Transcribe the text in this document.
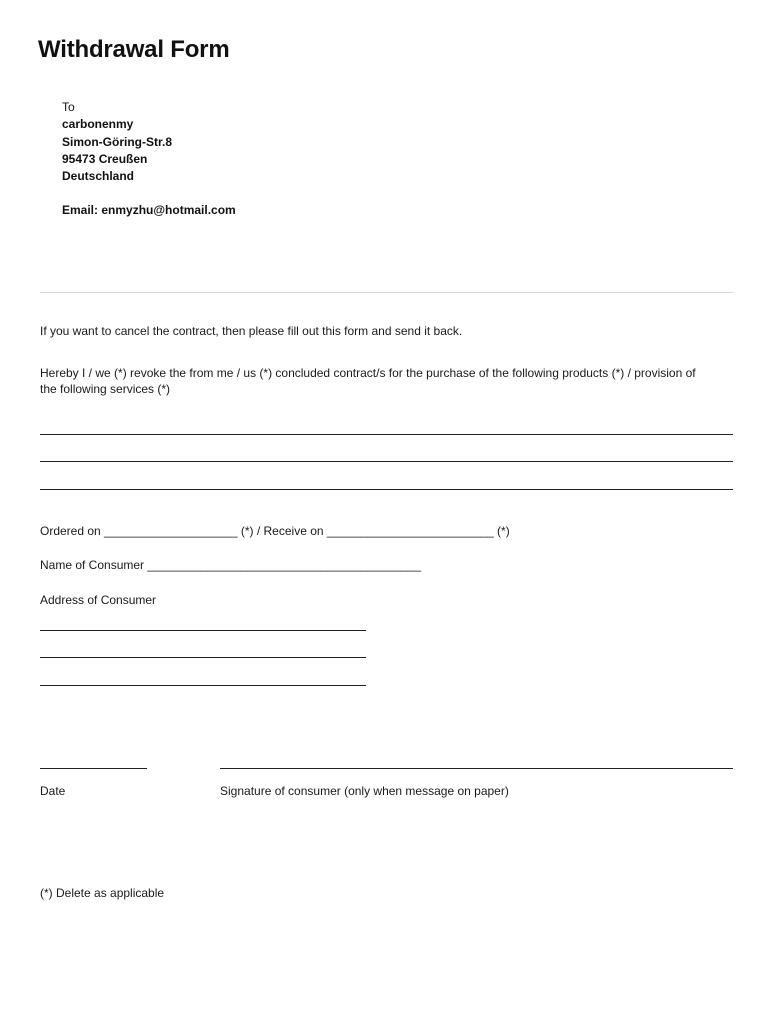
Withdrawal Form
To
carbonenmy
Simon-Göring-Str.8
95473 Creußen
Deutschland
Email: enmyzhu@hotmail.com
If you want to cancel the contract, then please fill out this form and send it back.
Hereby I / we (*) revoke the from me / us (*) concluded contract/s for the purchase of the following products (*) / provision of the following services (*)
Ordered on ____________________ (*) / Receive on _________________________ (*)
Name of Consumer _________________________________________
Address of Consumer
Date	Signature of consumer (only when message on paper)
(*) Delete as applicable
